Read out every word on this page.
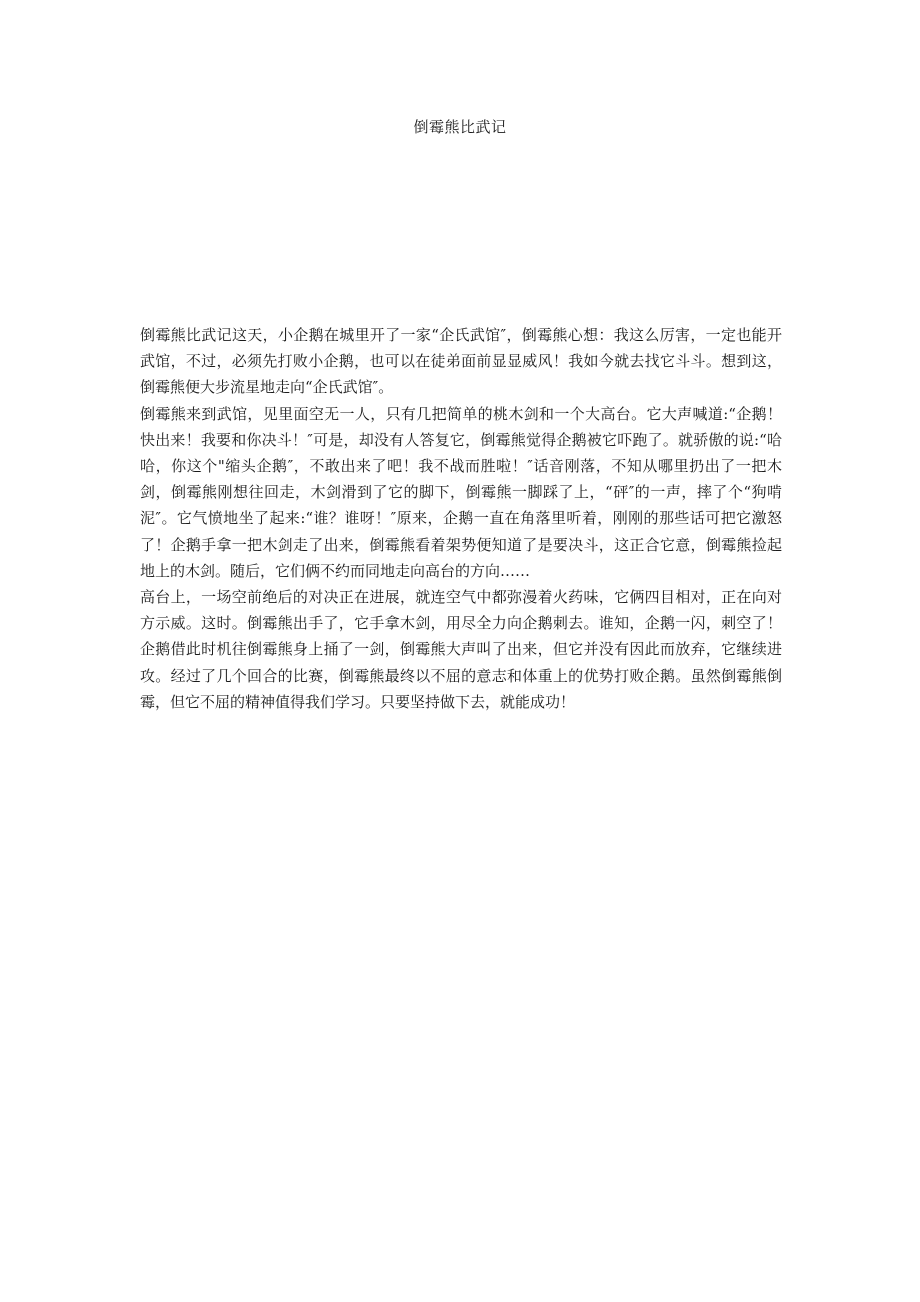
倒霉熊比武记

倒霉熊比武记这天，小企鹅在城里开了一家“企氏武馆″，倒霉熊心想：我这么厉害，一定也能开武馆，不过，必须先打败小企鹅，也可以在徒弟面前显显威风！我如今就去找它斗斗。想到这，倒霉熊便大步流星地走向“企氏武馆″。

倒霉熊来到武馆，见里面空无一人，只有几把简单的桃木剑和一个大高台。它大声喊道:“企鹅！快出来！我要和你决斗！″可是，却没有人答复它，倒霉熊觉得企鹅被它吓跑了。就骄傲的说:“哈哈，你这个"缩头企鹅″，不敢出来了吧！我不战而胜啦！″话音刚落，不知从哪里扔出了一把木剑，倒霉熊刚想往回走，木剑滑到了它的脚下，倒霉熊一脚踩了上，“砰″的一声，摔了个“狗啃泥″。它气愤地坐了起来:“谁？谁呀！″原来，企鹅一直在角落里听着，刚刚的那些话可把它激怒了！企鹅手拿一把木剑走了出来，倒霉熊看着架势便知道了是要决斗，这正合它意，倒霉熊捡起地上的木剑。随后，它们俩不约而同地走向高台的方向……

高台上，一场空前绝后的对决正在进展，就连空气中都弥漫着火药味，它俩四目相对，正在向对方示威。这时。倒霉熊出手了，它手拿木剑，用尽全力向企鹅刺去。谁知，企鹅一闪，刺空了！企鹅借此时机往倒霉熊身上捅了一剑，倒霉熊大声叫了出来，但它并没有因此而放弃，它继续进攻。经过了几个回合的比赛，倒霉熊最终以不屈的意志和体重上的优势打败企鹅。虽然倒霉熊倒霉，但它不屈的精神值得我们学习。只要坚持做下去，就能成功！
